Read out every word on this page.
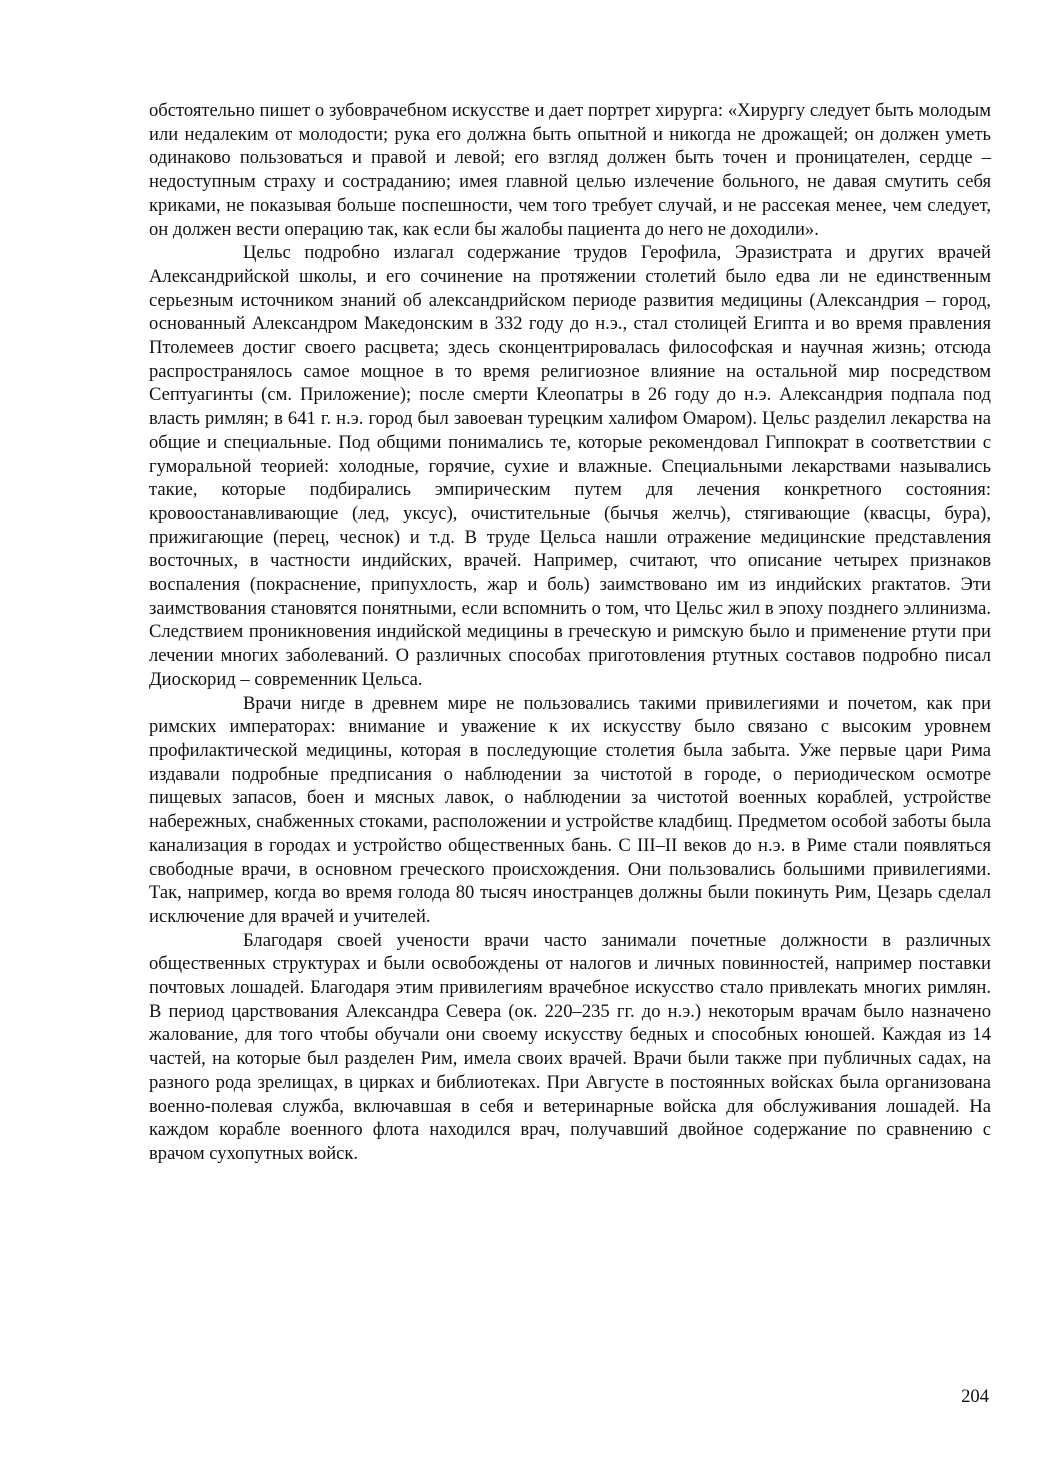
обстоятельно пишет о зубоврачебном искусстве и дает портрет хирурга: «Хирургу следует быть молодым или недалеким от молодости; рука его должна быть опытной и никогда не дрожащей; он должен уметь одинаково пользоваться и правой и левой; его взгляд должен быть точен и проницателен, сердце – недоступным страху и состраданию; имея главной целью излечение больного, не давая смутить себя криками, не показывая больше поспешности, чем того требует случай, и не рассекая менее, чем следует, он должен вести операцию так, как если бы жалобы пациента до него не доходили».

Цельс подробно излагал содержание трудов Герофила, Эразистрата и других врачей Александрийской школы, и его сочинение на протяжении столетий было едва ли не единственным серьезным источником знаний об александрийском периоде развития медицины (Александрия – город, основанный Александром Македонским в 332 году до н.э., стал столицей Египта и во время правления Птолемеев достиг своего расцвета; здесь сконцентрировалась философская и научная жизнь; отсюда распространялось самое мощное в то время религиозное влияние на остальной мир посредством Септуагинты (см. Приложение); после смерти Клеопатры в 26 году до н.э. Александрия подпала под власть римлян; в 641 г. н.э. город был завоеван турецким халифом Омаром). Цельс разделил лекарства на общие и специальные. Под общими понимались те, которые рекомендовал Гиппократ в соответствии с гуморальной теорией: холодные, горячие, сухие и влажные. Специальными лекарствами назывались такие, которые подбирались эмпирическим путем для лечения конкретного состояния: кровоостанавливающие (лед, уксус), очистительные (бычья желчь), стягивающие (квасцы, бура), прижигающие (перец, чеснок) и т.д. В труде Цельса нашли отражение медицинские представления восточных, в частности индийских, врачей. Например, считают, что описание четырех признаков воспаления (покраснение, припухлость, жар и боль) заимствовано им из индийских praктатов. Эти заимствования становятся понятными, если вспомнить о том, что Цельс жил в эпоху позднего эллинизма. Следствием проникновения индийской медицины в греческую и римскую было и применение ртути при лечении многих заболеваний. О различных способах приготовления ртутных составов подробно писал Диоскорид – современник Цельса.

Врачи нигде в древнем мире не пользовались такими привилегиями и почетом, как при римских императорах: внимание и уважение к их искусству было связано с высоким уровнем профилактической медицины, которая в последующие столетия была забыта. Уже первые цари Рима издавали подробные предписания о наблюдении за чистотой в городе, о периодическом осмотре пищевых запасов, боен и мясных лавок, о наблюдении за чистотой военных кораблей, устройстве набережных, снабженных стоками, расположении и устройстве кладбищ. Предметом особой заботы была канализация в городах и устройство общественных бань. С III–II веков до н.э. в Риме стали появляться свободные врачи, в основном греческого происхождения. Они пользовались большими привилегиями. Так, например, когда во время голода 80 тысяч иностранцев должны были покинуть Рим, Цезарь сделал исключение для врачей и учителей.

Благодаря своей учености врачи часто занимали почетные должности в различных общественных структурах и были освобождены от налогов и личных повинностей, например поставки почтовых лошадей. Благодаря этим привилегиям врачебное искусство стало привлекать многих римлян. В период царствования Александра Севера (ок. 220–235 гг. до н.э.) некоторым врачам было назначено жалование, для того чтобы обучали они своему искусству бедных и способных юношей. Каждая из 14 частей, на которые был разделен Рим, имела своих врачей. Врачи были также при публичных садах, на разного рода зрелищах, в цирках и библиотеках. При Августе в постоянных войсках была организована военно-полевая служба, включавшая в себя и ветеринарные войска для обслуживания лошадей. На каждом корабле военного флота находился врач, получавший двойное содержание по сравнению с врачом сухопутных войск.

204
